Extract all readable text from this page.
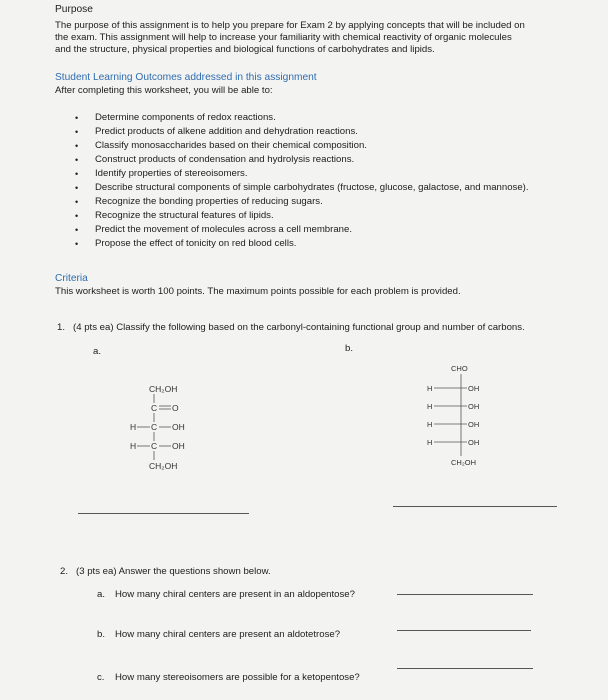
Purpose
The purpose of this assignment is to help you prepare for Exam 2 by applying concepts that will be included on
the exam. This assignment will help to increase your familiarity with chemical reactivity of organic molecules
and the structure, physical properties and biological functions of carbohydrates and lipids.
Student Learning Outcomes addressed in this assignment
After completing this worksheet, you will be able to:
• Determine components of redox reactions.
• Predict products of alkene addition and dehydration reactions.
• Classify monosaccharides based on their chemical composition.
• Construct products of condensation and hydrolysis reactions.
• Identify properties of stereoisomers.
• Describe structural components of simple carbohydrates (fructose, glucose, galactose, and mannose).
• Recognize the bonding properties of reducing sugars.
• Recognize the structural features of lipids.
• Predict the movement of molecules across a cell membrane.
• Propose the effect of tonicity on red blood cells.
Criteria
This worksheet is worth 100 points. The maximum points possible for each problem is provided.
1. (4 pts ea) Classify the following based on the carbonyl-containing functional group and number of carbons.
a.	b.
CH₂OH
C O
H C OH
H C OH
CH₂OH
CHO
H	OH
H	OH
H	OH
H	OH
CH₂OH
2. (3 pts ea) Answer the questions shown below.
a. How many chiral centers are present in an aldopentose?
b. How many chiral centers are present an aldotetrose?
c. How many stereoisomers are possible for a ketopentose?
